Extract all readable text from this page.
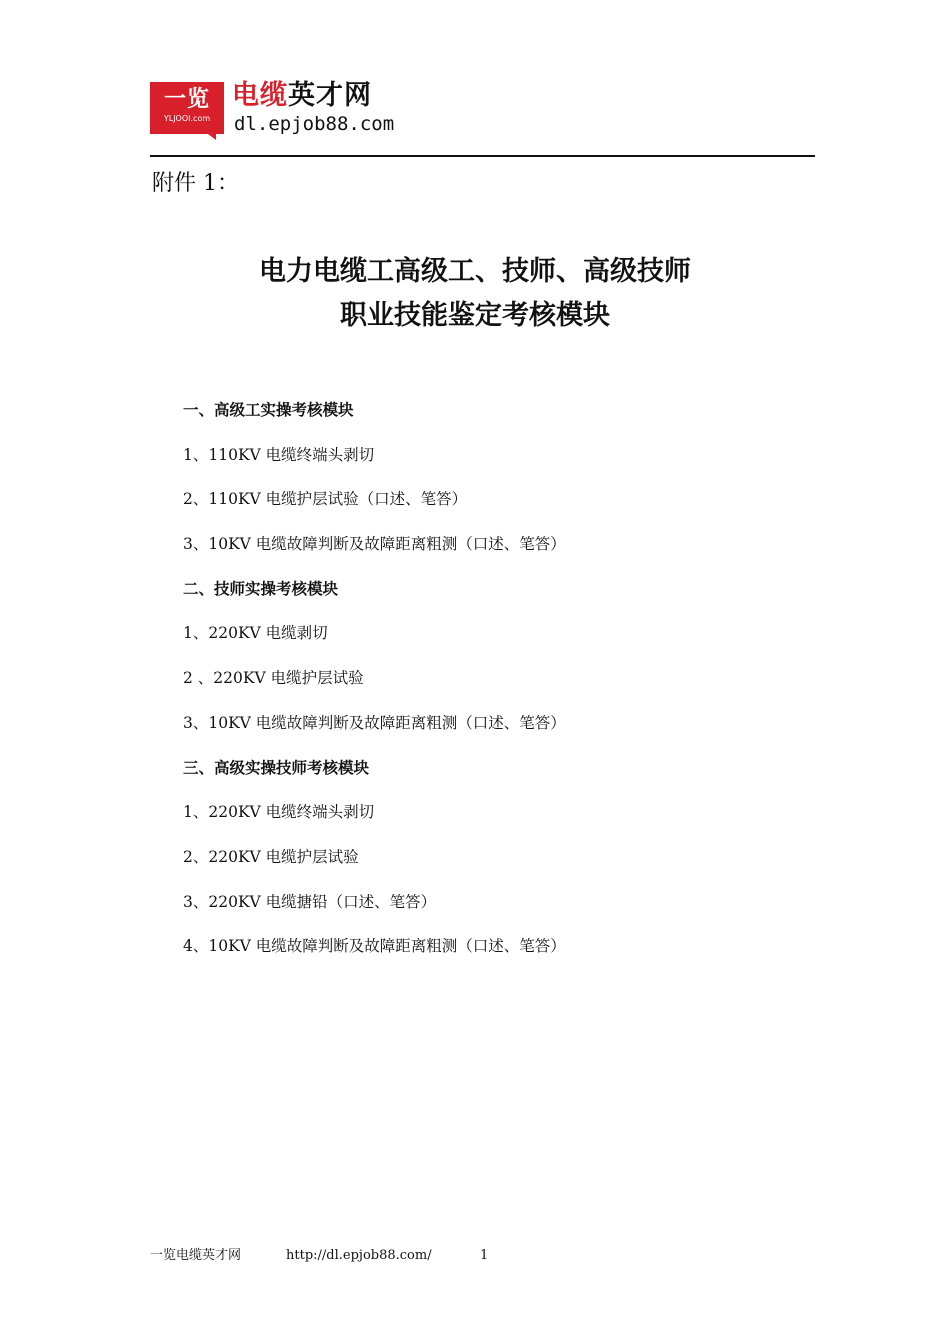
一览
YLJOOI.com
电缆英才网
dl.epjob88.com
附件 1：
电力电缆工高级工、技师、高级技师
职业技能鉴定考核模块
一、高级工实操考核模块
1、110KV 电缆终端头剥切
2、110KV 电缆护层试验（口述、笔答）
3、10KV 电缆故障判断及故障距离粗测（口述、笔答）
二、技师实操考核模块
1、220KV 电缆剥切
2 、220KV 电缆护层试验
3、10KV 电缆故障判断及故障距离粗测（口述、笔答）
三、高级实操技师考核模块
1、220KV 电缆终端头剥切
2、220KV 电缆护层试验
3、220KV 电缆搪铅（口述、笔答）
4、10KV 电缆故障判断及故障距离粗测（口述、笔答）
一览电缆英才网	http://dl.epjob88.com/	1
